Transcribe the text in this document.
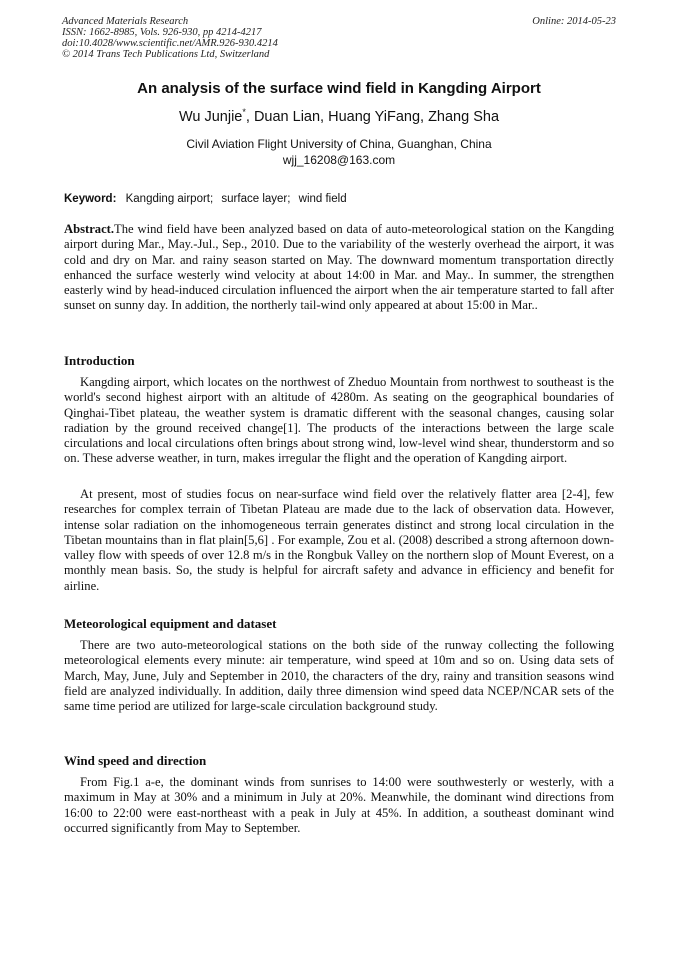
Advanced Materials Research
ISSN: 1662-8985, Vols. 926-930, pp 4214-4217
doi:10.4028/www.scientific.net/AMR.926-930.4214
© 2014 Trans Tech Publications Ltd, Switzerland
Online: 2014-05-23
An analysis of the surface wind field in Kangding Airport
Wu Junjie*, Duan Lian, Huang YiFang, Zhang Sha
Civil Aviation Flight University of China, Guanghan, China
wjj_16208@163.com
Keyword: Kangding airport; surface layer; wind field
Abstract.The wind field have been analyzed based on data of auto-meteorological station on the Kangding airport during Mar., May.-Jul., Sep., 2010. Due to the variability of the westerly overhead the airport, it was cold and dry on Mar. and rainy season started on May. The downward momentum transportation directly enhanced the surface westerly wind velocity at about 14:00 in Mar. and May.. In summer, the strengthen easterly wind by head-induced circulation influenced the airport when the air temperature started to fall after sunset on sunny day. In addition, the northerly tail-wind only appeared at about 15:00 in Mar..
Introduction
Kangding airport, which locates on the northwest of Zheduo Mountain from northwest to southeast is the world's second highest airport with an altitude of 4280m. As seating on the geographical boundaries of Qinghai-Tibet plateau, the weather system is dramatic different with the seasonal changes, causing solar radiation by the ground received change[1]. The products of the interactions between the large scale circulations and local circulations often brings about strong wind, low-level wind shear, thunderstorm and so on. These adverse weather, in turn, makes irregular the flight and the operation of Kangding airport.
At present, most of studies focus on near-surface wind field over the relatively flatter area [2-4], few researches for complex terrain of Tibetan Plateau are made due to the lack of observation data. However, intense solar radiation on the inhomogeneous terrain generates distinct and strong local circulation in the Tibetan mountains than in flat plain[5,6] . For example, Zou et al. (2008) described a strong afternoon down-valley flow with speeds of over 12.8 m/s in the Rongbuk Valley on the northern slop of Mount Everest, on a monthly mean basis. So, the study is helpful for aircraft safety and advance in efficiency and benefit for airline.
Meteorological equipment and dataset
There are two auto-meteorological stations on the both side of the runway collecting the following meteorological elements every minute: air temperature, wind speed at 10m and so on. Using data sets of March, May, June, July and September in 2010, the characters of the dry, rainy and transition seasons wind field are analyzed individually. In addition, daily three dimension wind speed data NCEP/NCAR sets of the same time period are utilized for large-scale circulation background study.
Wind speed and direction
From Fig.1 a-e, the dominant winds from sunrises to 14:00 were southwesterly or westerly, with a maximum in May at 30% and a minimum in July at 20%. Meanwhile, the dominant wind directions from 16:00 to 22:00 were east-northeast with a peak in July at 45%. In addition, a southeast dominant wind occurred significantly from May to September.
